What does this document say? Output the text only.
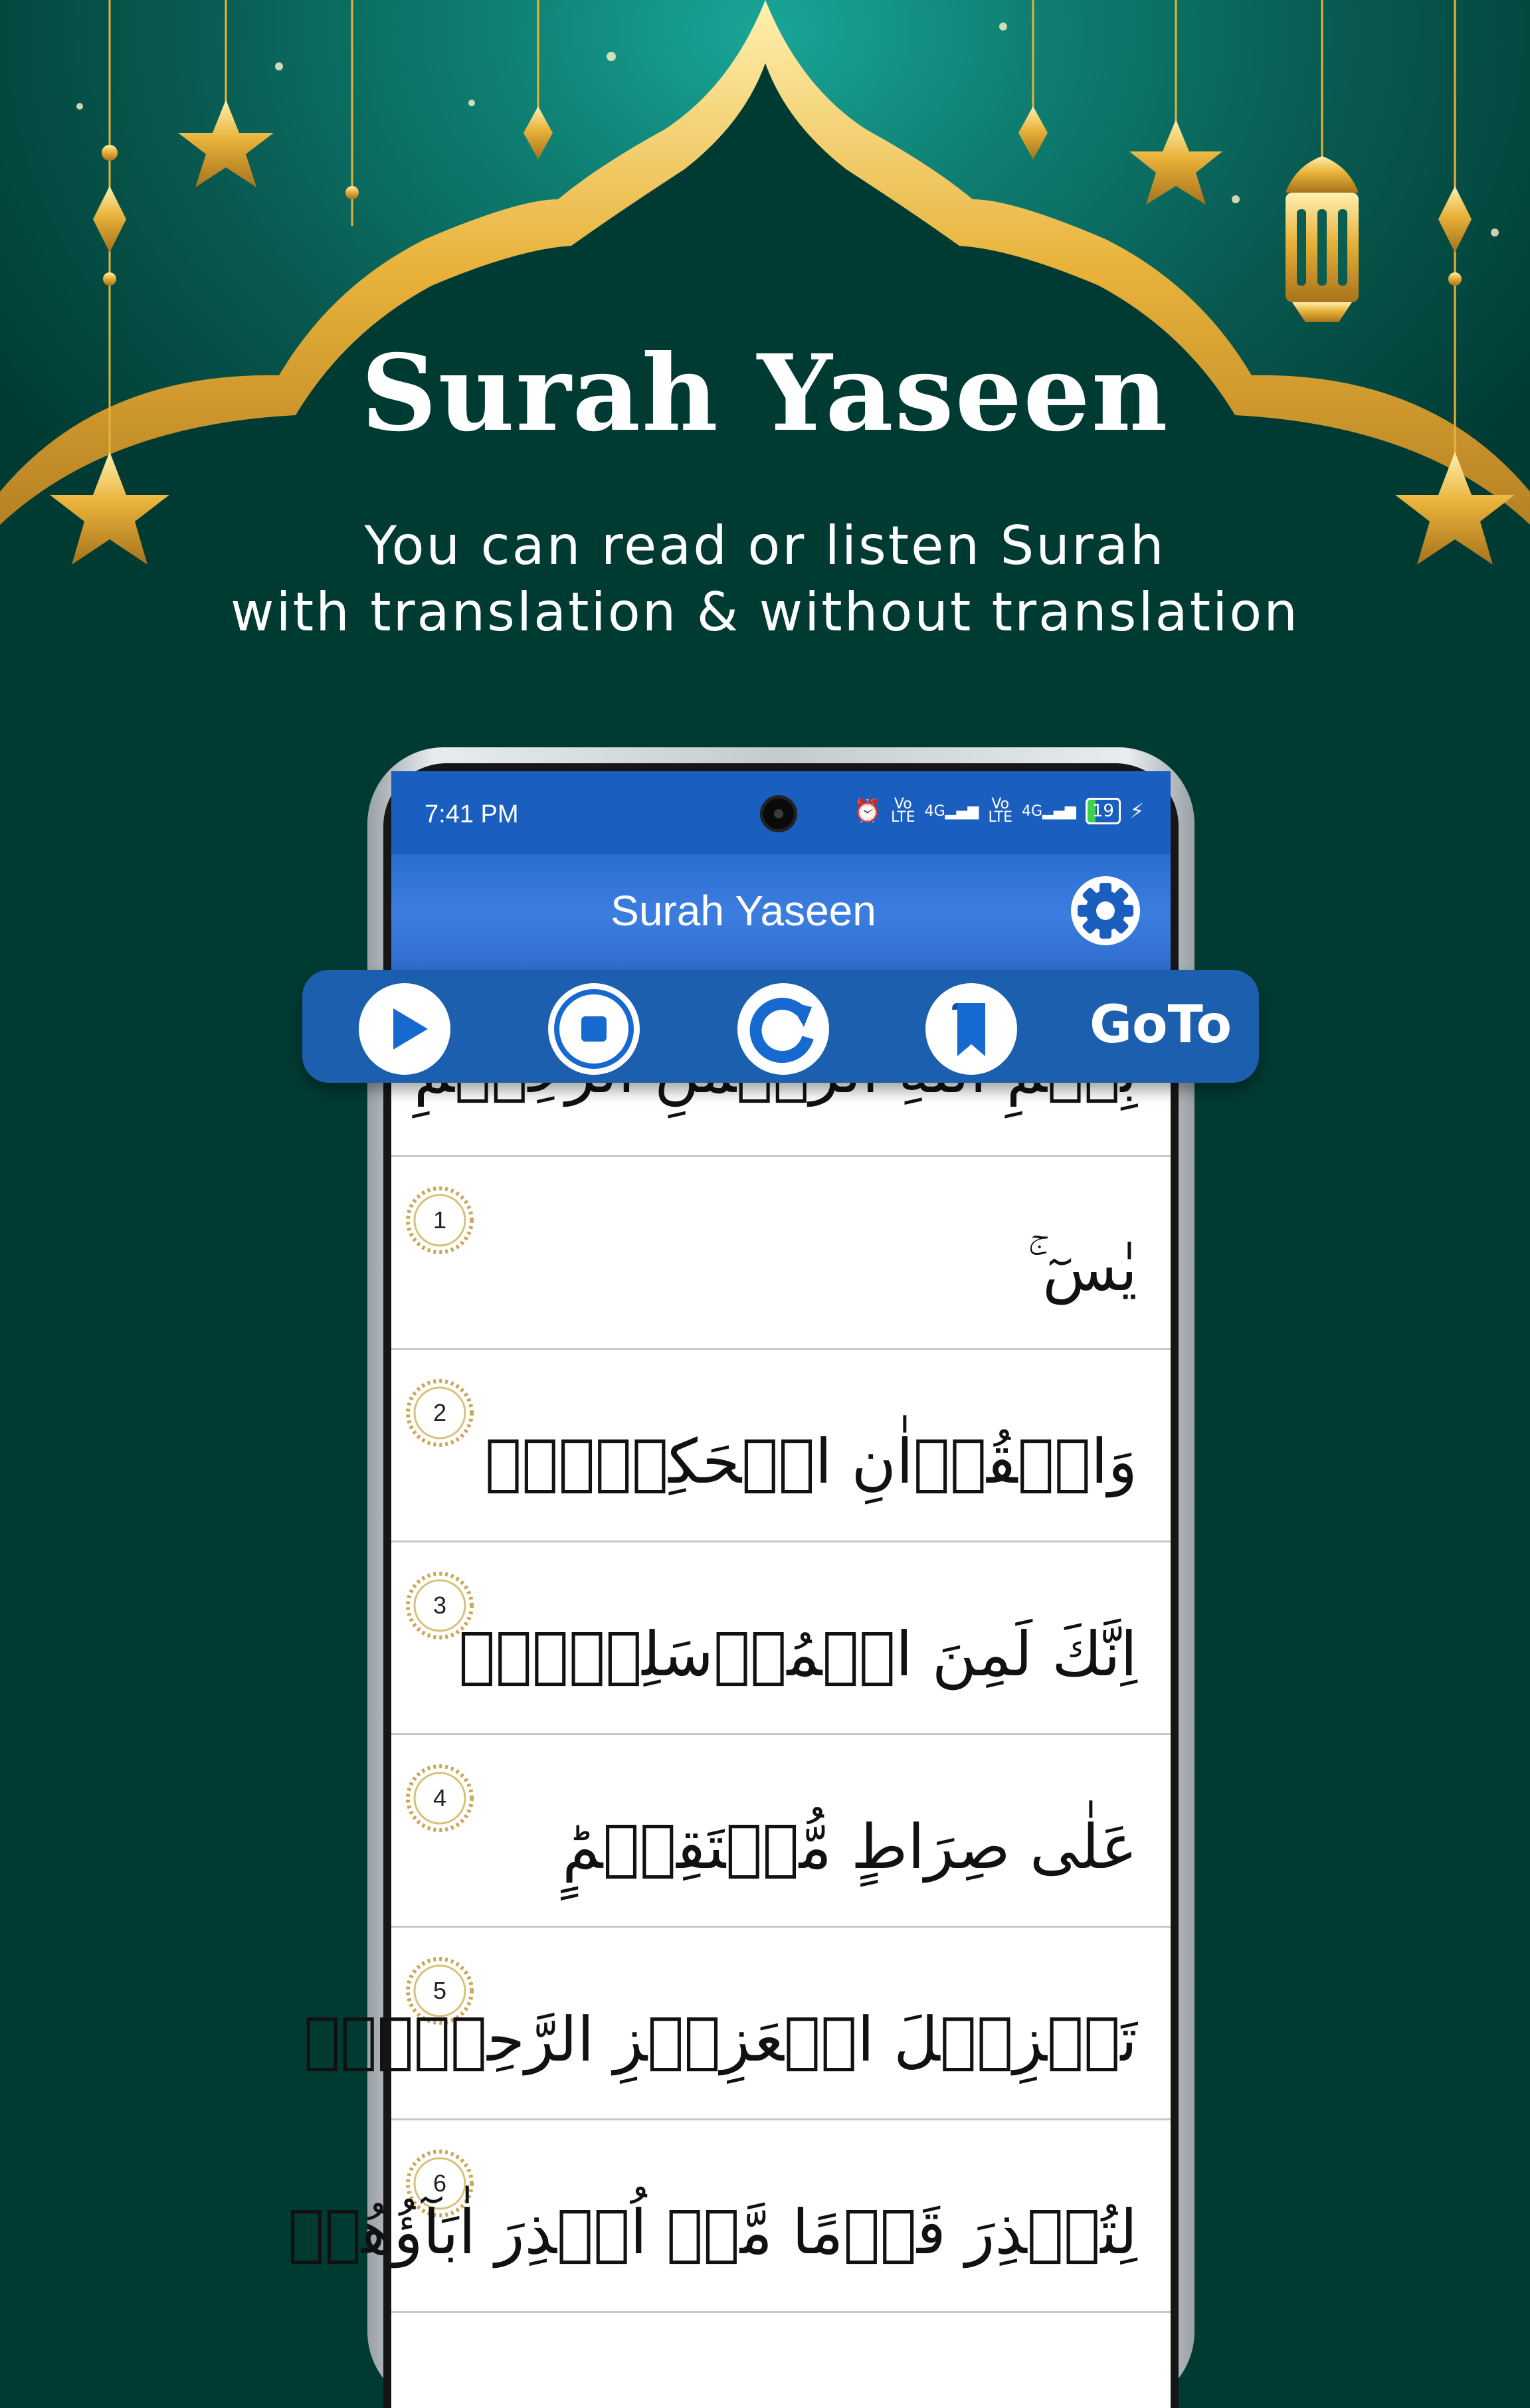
Surah Yaseen
You can read or listen Surah
with translation & without translation
7:41 PM	⏰ Vo
LTE 4G▂▄▆ Vo
LTE 4G▂▄▆ 19 ⚡
Surah Yaseen
1
يٰسٓ ۚ
2
وَالۡقُرۡاٰنِ الۡحَكِيۡمِۙ
3
اِنَّكَ لَمِنَ الۡمُرۡسَلِيۡنَۙ
4
عَلٰى صِرَاطٍ مُّسۡتَقِيۡمٍؕ
5
تَنۡزِيۡلَ الۡعَزِيۡزِ الرَّحِيۡمِۙ
6
لِتُنۡذِرَ قَوۡمًا مَّاۤ اُنۡذِرَ اٰبَآؤُهُمۡ
GoTo
